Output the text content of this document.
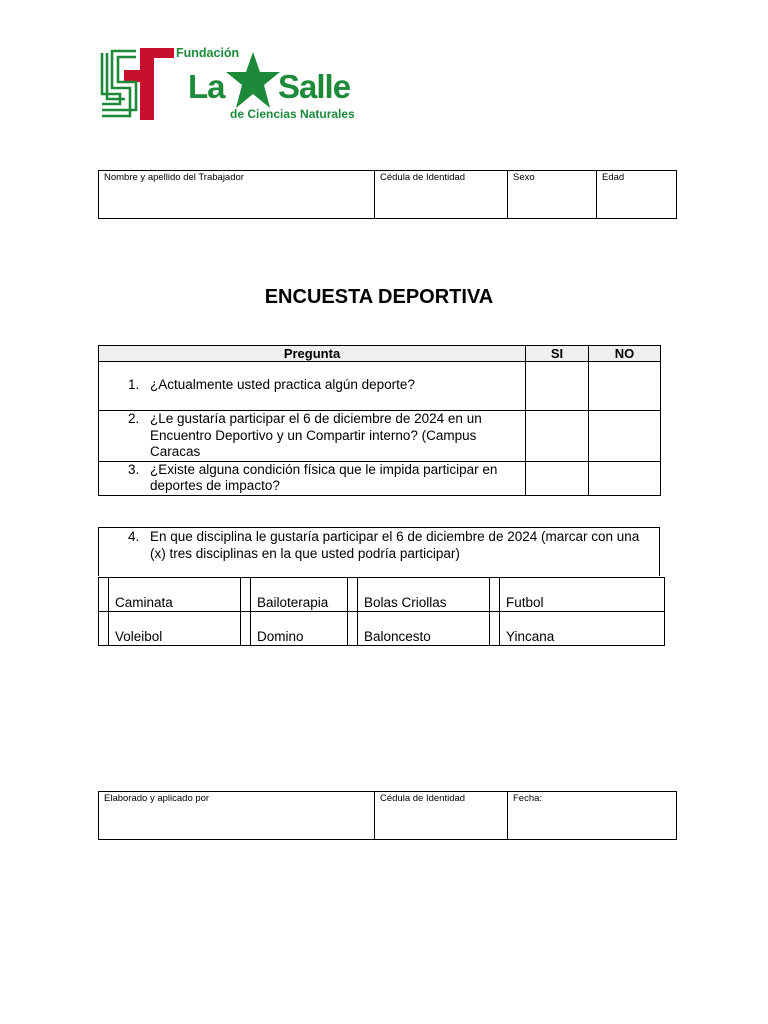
Fundación
La Salle
de Ciencias Naturales
Nombre y apellido del Trabajador	Cédula de Identidad	Sexo	Edad
ENCUESTA DEPORTIVA
Pregunta	SI	NO

1. ¿Actualmente usted practica algún deporte?		

2. ¿Le gustaría participar el 6 de diciembre de 2024 en un Encuentro Deportivo y un Compartir interno? (Campus Caracas		

3. ¿Existe alguna condición física que le impida participar en deportes de impacto?		

4. En que disciplina le gustaría participar el 6 de diciembre de 2024 (marcar con una (x) tres disciplinas en la que usted podría participar)
	Caminata		Bailoterapia		Bolas Criollas		Futbol
	Voleibol		Domino		Baloncesto		Yincana
Elaborado y aplicado por	Cédula de Identidad	Fecha:
